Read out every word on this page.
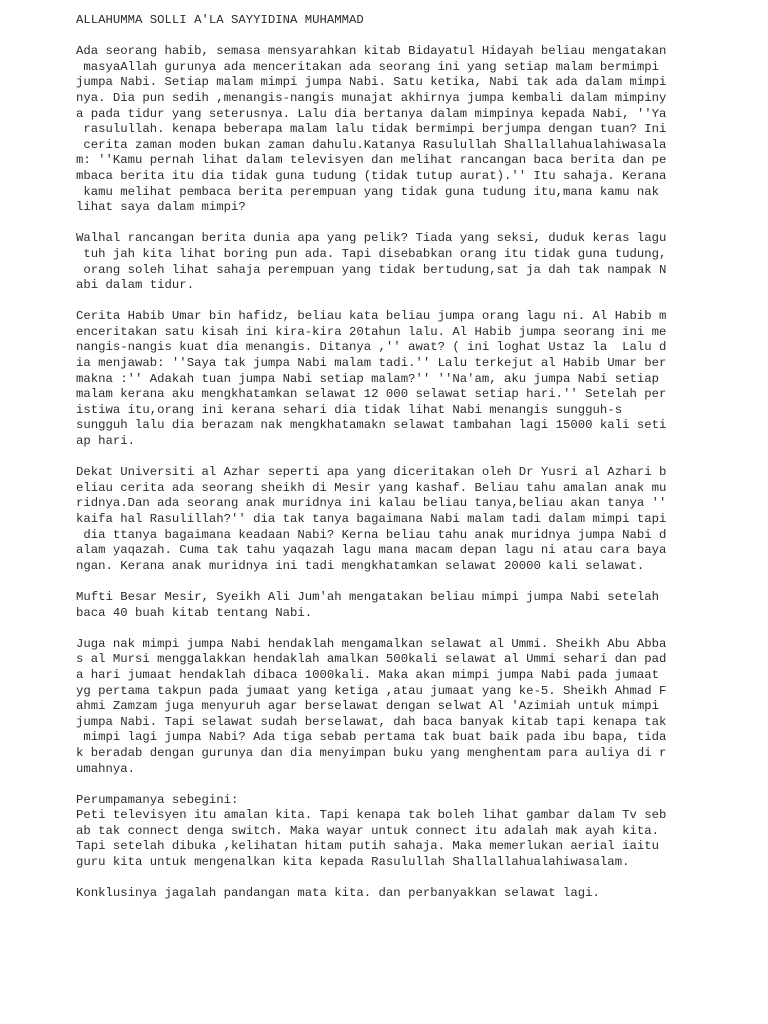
ALLAHUMMA SOLLI A'LA SAYYIDINA MUHAMMAD
Ada seorang habib, semasa mensyarahkan kitab Bidayatul Hidayah beliau mengatakan
masyaAllah gurunya ada menceritakan ada seorang ini yang setiap malam bermimpi
jumpa Nabi. Setiap malam mimpi jumpa Nabi. Satu ketika, Nabi tak ada dalam mimpi
nya. Dia pun sedih ,menangis-nangis munajat akhirnya jumpa kembali dalam mimpiny
a pada tidur yang seterusnya. Lalu dia bertanya dalam mimpinya kepada Nabi, ''Ya
rasulullah. kenapa beberapa malam lalu tidak bermimpi berjumpa dengan tuan? Ini
cerita zaman moden bukan zaman dahulu.Katanya Rasulullah Shallallahualahiwasala
m: ''Kamu pernah lihat dalam televisyen dan melihat rancangan baca berita dan pe
mbaca berita itu dia tidak guna tudung (tidak tutup aurat).'' Itu sahaja. Kerana
kamu melihat pembaca berita perempuan yang tidak guna tudung itu,mana kamu nak
lihat saya dalam mimpi?
Walhal rancangan berita dunia apa yang pelik? Tiada yang seksi, duduk keras lagu
tuh jah kita lihat boring pun ada. Tapi disebabkan orang itu tidak guna tudung,
orang soleh lihat sahaja perempuan yang tidak bertudung,sat ja dah tak nampak N
abi dalam tidur.
Cerita Habib Umar bin hafidz, beliau kata beliau jumpa orang lagu ni. Al Habib m
enceritakan satu kisah ini kira-kira 20tahun lalu. Al Habib jumpa seorang ini me
nangis-nangis kuat dia menangis. Ditanya ,'' awat? ( ini loghat Ustaz la  Lalu d
ia menjawab: ''Saya tak jumpa Nabi malam tadi.'' Lalu terkejut al Habib Umar ber
makna :'' Adakah tuan jumpa Nabi setiap malam?'' ''Na'am, aku jumpa Nabi setiap
malam kerana aku mengkhatamkan selawat 12 000 selawat setiap hari.'' Setelah per
istiwa itu,orang ini kerana sehari dia tidak lihat Nabi menangis sungguh-s
sungguh lalu dia berazam nak mengkhatamakn selawat tambahan lagi 15000 kali seti
ap hari.
Dekat Universiti al Azhar seperti apa yang diceritakan oleh Dr Yusri al Azhari b
eliau cerita ada seorang sheikh di Mesir yang kashaf. Beliau tahu amalan anak mu
ridnya.Dan ada seorang anak muridnya ini kalau beliau tanya,beliau akan tanya ''
kaifa hal Rasulillah?'' dia tak tanya bagaimana Nabi malam tadi dalam mimpi tapi
dia ttanya bagaimana keadaan Nabi? Kerna beliau tahu anak muridnya jumpa Nabi d
alam yaqazah. Cuma tak tahu yaqazah lagu mana macam depan lagu ni atau cara baya
ngan. Kerana anak muridnya ini tadi mengkhatamkan selawat 20000 kali selawat.
Mufti Besar Mesir, Syeikh Ali Jum'ah mengatakan beliau mimpi jumpa Nabi setelah
baca 40 buah kitab tentang Nabi.
Juga nak mimpi jumpa Nabi hendaklah mengamalkan selawat al Ummi. Sheikh Abu Abba
s al Mursi menggalakkan hendaklah amalkan 500kali selawat al Ummi sehari dan pad
a hari jumaat hendaklah dibaca 1000kali. Maka akan mimpi jumpa Nabi pada jumaat
yg pertama takpun pada jumaat yang ketiga ,atau jumaat yang ke-5. Sheikh Ahmad F
ahmi Zamzam juga menyuruh agar berselawat dengan selwat Al 'Azimiah untuk mimpi
jumpa Nabi. Tapi selawat sudah berselawat, dah baca banyak kitab tapi kenapa tak
mimpi lagi jumpa Nabi? Ada tiga sebab pertama tak buat baik pada ibu bapa, tida
k beradab dengan gurunya dan dia menyimpan buku yang menghentam para auliya di r
umahnya.
Perumpamanya sebegini:
Peti televisyen itu amalan kita. Tapi kenapa tak boleh lihat gambar dalam Tv seb
ab tak connect denga switch. Maka wayar untuk connect itu adalah mak ayah kita.
Tapi setelah dibuka ,kelihatan hitam putih sahaja. Maka memerlukan aerial iaitu
guru kita untuk mengenalkan kita kepada Rasulullah Shallallahualahiwasalam.
Konklusinya jagalah pandangan mata kita. dan perbanyakkan selawat lagi.
